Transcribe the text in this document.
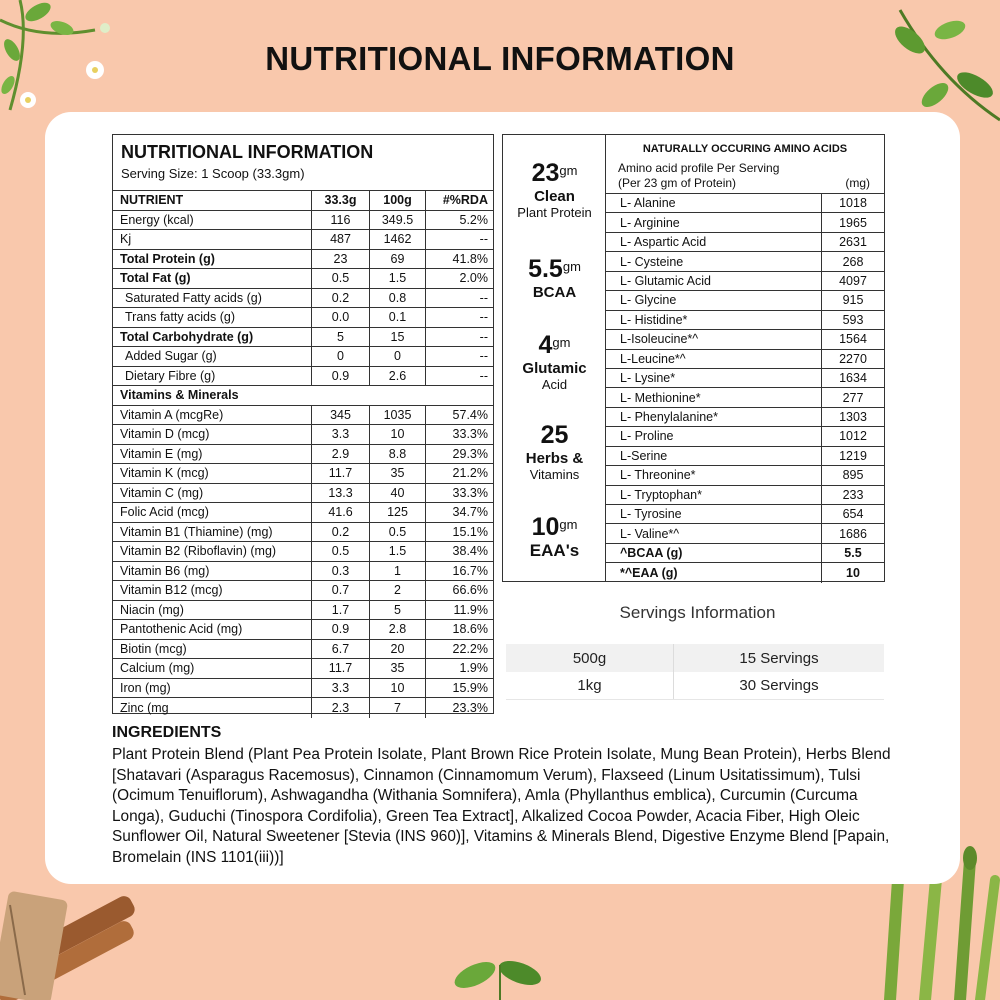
NUTRITIONAL INFORMATION
NUTRITIONAL INFORMATION
Serving Size: 1 Scoop (33.3gm)
NUTRIENT	33.3g	100g	#%RDA
Energy (kcal)	116	349.5	5.2%
Kj	487	1462	--
Total Protein (g)	23	69	41.8%
Total Fat (g)	0.5	1.5	2.0%
Saturated Fatty acids (g)	0.2	0.8	--
Trans fatty acids (g)	0.0	0.1	--
Total Carbohydrate (g)	5	15	--
Added Sugar (g)	0	0	--
Dietary Fibre (g)	0.9	2.6	--
Vitamins & Minerals
Vitamin A (mcgRe)	345	1035	57.4%
Vitamin D (mcg)	3.3	10	33.3%
Vitamin E (mg)	2.9	8.8	29.3%
Vitamin K (mcg)	11.7	35	21.2%
Vitamin C (mg)	13.3	40	33.3%
Folic Acid (mcg)	41.6	125	34.7%
Vitamin B1 (Thiamine) (mg)	0.2	0.5	15.1%
Vitamin B2 (Riboflavin) (mg)	0.5	1.5	38.4%
Vitamin B6 (mg)	0.3	1	16.7%
Vitamin B12 (mcg)	0.7	2	66.6%
Niacin (mg)	1.7	5	11.9%
Pantothenic Acid (mg)	0.9	2.8	18.6%
Biotin (mcg)	6.7	20	22.2%
Calcium (mg)	11.7	35	1.9%
Iron (mg)	3.3	10	15.9%
Zinc (mg	2.3	7	23.3%
$23^{gm}$
Clean
Plant Protein
$5.5^{gm}$
BCAA
$4^{gm}$
Glutamic
Acid
25
Herbs &
Vitamins
$10^{gm}$
EAA's
NATURALLY OCCURING AMINO ACIDS
Amino acid profile Per Serving
(Per 23 gm of Protein)	(mg)
L- Alanine	1018
L- Arginine	1965
L- Aspartic Acid	2631
L- Cysteine	268
L- Glutamic Acid	4097
L- Glycine	915
L- Histidine*	593
L-Isoleucine*^	1564
L-Leucine*^	2270
L- Lysine*	1634
L- Methionine*	277
L- Phenylalanine*	1303
L- Proline	1012
L-Serine	1219
L- Threonine*	895
L- Tryptophan*	233
L- Tyrosine	654
L- Valine*^	1686
^BCAA (g)	5.5
*^EAA (g)	10
Servings Information
500g	15 Servings
1kg	30 Servings
INGREDIENTS
Plant Protein Blend (Plant Pea Protein Isolate, Plant Brown Rice Protein Isolate, Mung Bean Protein), Herbs Blend [Shatavari (Asparagus Racemosus), Cinnamon (Cinnamomum Verum), Flaxseed (Linum Usitatissimum), Tulsi (Ocimum Tenuiflorum), Ashwagandha (Withania Somnifera), Amla (Phyllanthus emblica), Curcumin (Curcuma Longa), Guduchi (Tinospora Cordifolia), Green Tea Extract], Alkalized Cocoa Powder, Acacia Fiber, High Oleic Sunflower Oil, Natural Sweetener [Stevia (INS 960)], Vitamins & Minerals Blend, Digestive Enzyme Blend [Papain, Bromelain (INS 1101(iii))]
